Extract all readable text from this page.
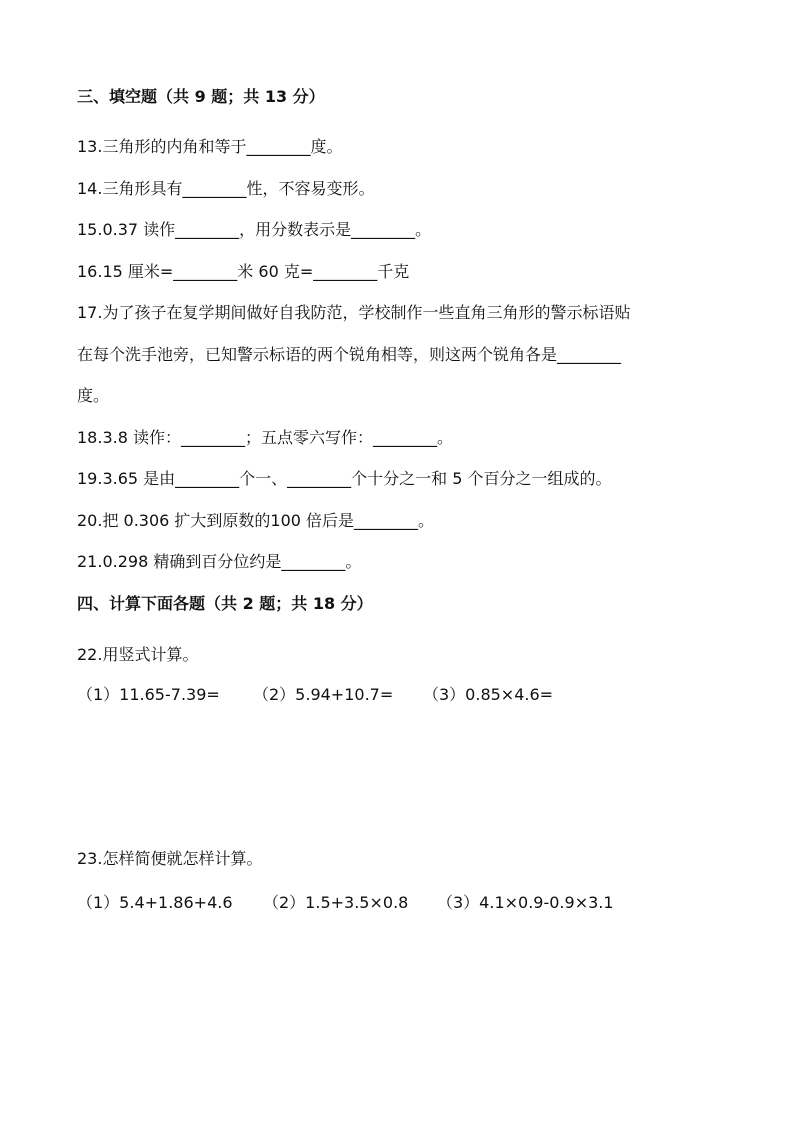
三、填空题（共 9 题；共 13 分）
13.三角形的内角和等于________度。
14.三角形具有________性，不容易变形。
15.0.37 读作________，用分数表示是________。
16.15 厘米=________米 60 克=________千克
17.为了孩子在复学期间做好自我防范，学校制作一些直角三角形的警示标语贴
在每个洗手池旁，已知警示标语的两个锐角相等，则这两个锐角各是________
度。
18.3.8 读作：________；五点零六写作：________。
19.3.65 是由________个一、________个十分之一和 5 个百分之一组成的。
20.把 0.306 扩大到原数的100 倍后是________。
21.0.298 精确到百分位约是________。
四、计算下面各题（共 2 题；共 18 分）
22.用竖式计算。
（1）11.65-7.39= （2）5.94+10.7= （3）0.85×4.6=
23.怎样简便就怎样计算。
（1）5.4+1.86+4.6 （2）1.5+3.5×0.8 （3）4.1×0.9-0.9×3.1
